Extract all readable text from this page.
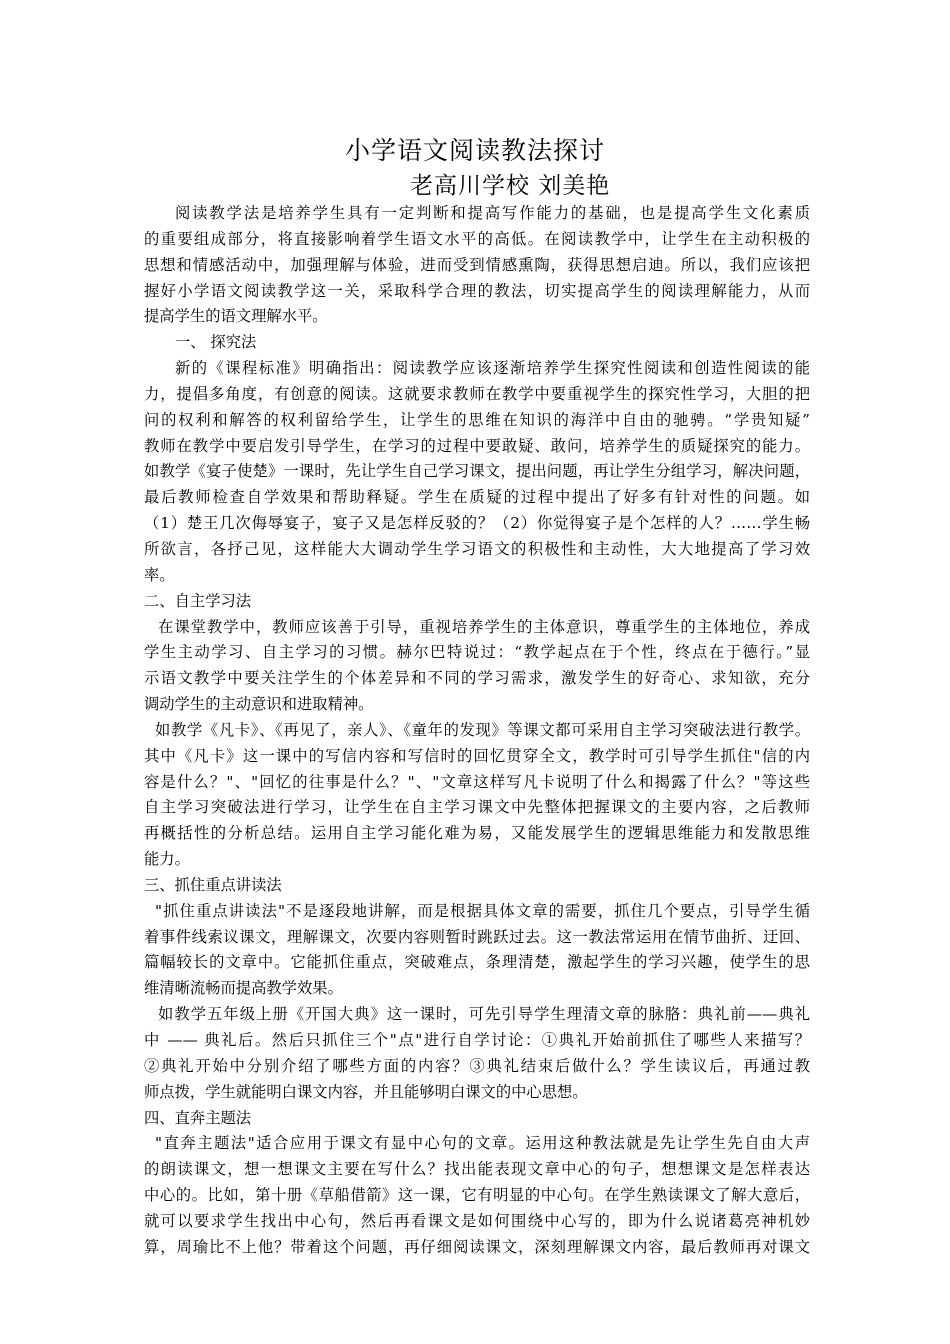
小学语文阅读教法探讨
老高川学校 刘美艳
阅读教学法是培养学生具有一定判断和提高写作能力的基础，也是提高学生文化素质
的重要组成部分，将直接影响着学生语文水平的高低。在阅读教学中，让学生在主动积极的
思想和情感活动中，加强理解与体验，进而受到情感熏陶，获得思想启迪。所以，我们应该把
握好小学语文阅读教学这一关，采取科学合理的教法，切实提高学生的阅读理解能力，从而
提高学生的语文理解水平。
一、 探究法
新的《课程标准》明确指出：阅读教学应该逐渐培养学生探究性阅读和创造性阅读的能
力，提倡多角度，有创意的阅读。这就要求教师在教学中要重视学生的探究性学习，大胆的把
问的权利和解答的权利留给学生，让学生的思维在知识的海洋中自由的驰骋。“学贵知疑”
教师在教学中要启发引导学生，在学习的过程中要敢疑、敢问，培养学生的质疑探究的能力。
如教学《宴子使楚》一课时，先让学生自己学习课文，提出问题，再让学生分组学习，解决问题，
最后教师检查自学效果和帮助释疑。学生在质疑的过程中提出了好多有针对性的问题。如
（1）楚王几次侮辱宴子，宴子又是怎样反驳的？（2）你觉得宴子是个怎样的人？……学生畅
所欲言，各抒己见，这样能大大调动学生学习语文的积极性和主动性，大大地提高了学习效
率。
二、自主学习法
在课堂教学中，教师应该善于引导，重视培养学生的主体意识，尊重学生的主体地位，养成
学生主动学习、自主学习的习惯。赫尔巴特说过：“教学起点在于个性，终点在于德行。”显
示语文教学中要关注学生的个体差异和不同的学习需求，激发学生的好奇心、求知欲，充分
调动学生的主动意识和进取精神。
如教学《凡卡》、《再见了，亲人》、《童年的发现》等课文都可采用自主学习突破法进行教学。
其中《凡卡》这一课中的写信内容和写信时的回忆贯穿全文，教学时可引导学生抓住"信的内
容是什么？"、"回忆的往事是什么？"、"文章这样写凡卡说明了什么和揭露了什么？"等这些
自主学习突破法进行学习，让学生在自主学习课文中先整体把握课文的主要内容，之后教师
再概括性的分析总结。运用自主学习能化难为易，又能发展学生的逻辑思维能力和发散思维
能力。
三、抓住重点讲读法
"抓住重点讲读法"不是逐段地讲解，而是根据具体文章的需要，抓住几个要点，引导学生循
着事件线索议课文，理解课文，次要内容则暂时跳跃过去。这一教法常运用在情节曲折、迂回、
篇幅较长的文章中。它能抓住重点，突破难点，条理清楚，激起学生的学习兴趣，使学生的思
维清晰流畅而提高教学效果。
如教学五年级上册《开国大典》这一课时，可先引导学生理清文章的脉胳：典礼前——典礼
中 —— 典礼后。然后只抓住三个"点"进行自学讨论：①典礼开始前抓住了哪些人来描写？
②典礼开始中分别介绍了哪些方面的内容？③典礼结束后做什么？学生读议后，再通过教
师点拨，学生就能明白课文内容，并且能够明白课文的中心思想。
四、直奔主题法
"直奔主题法"适合应用于课文有显中心句的文章。运用这种教法就是先让学生先自由大声
的朗读课文，想一想课文主要在写什么？找出能表现文章中心的句子，想想课文是怎样表达
中心的。比如，第十册《草船借箭》这一课，它有明显的中心句。在学生熟读课文了解大意后，
就可以要求学生找出中心句，然后再看课文是如何围绕中心写的，即为什么说诸葛亮神机妙
算，周瑜比不上他？带着这个问题，再仔细阅读课文，深刻理解课文内容，最后教师再对课文
